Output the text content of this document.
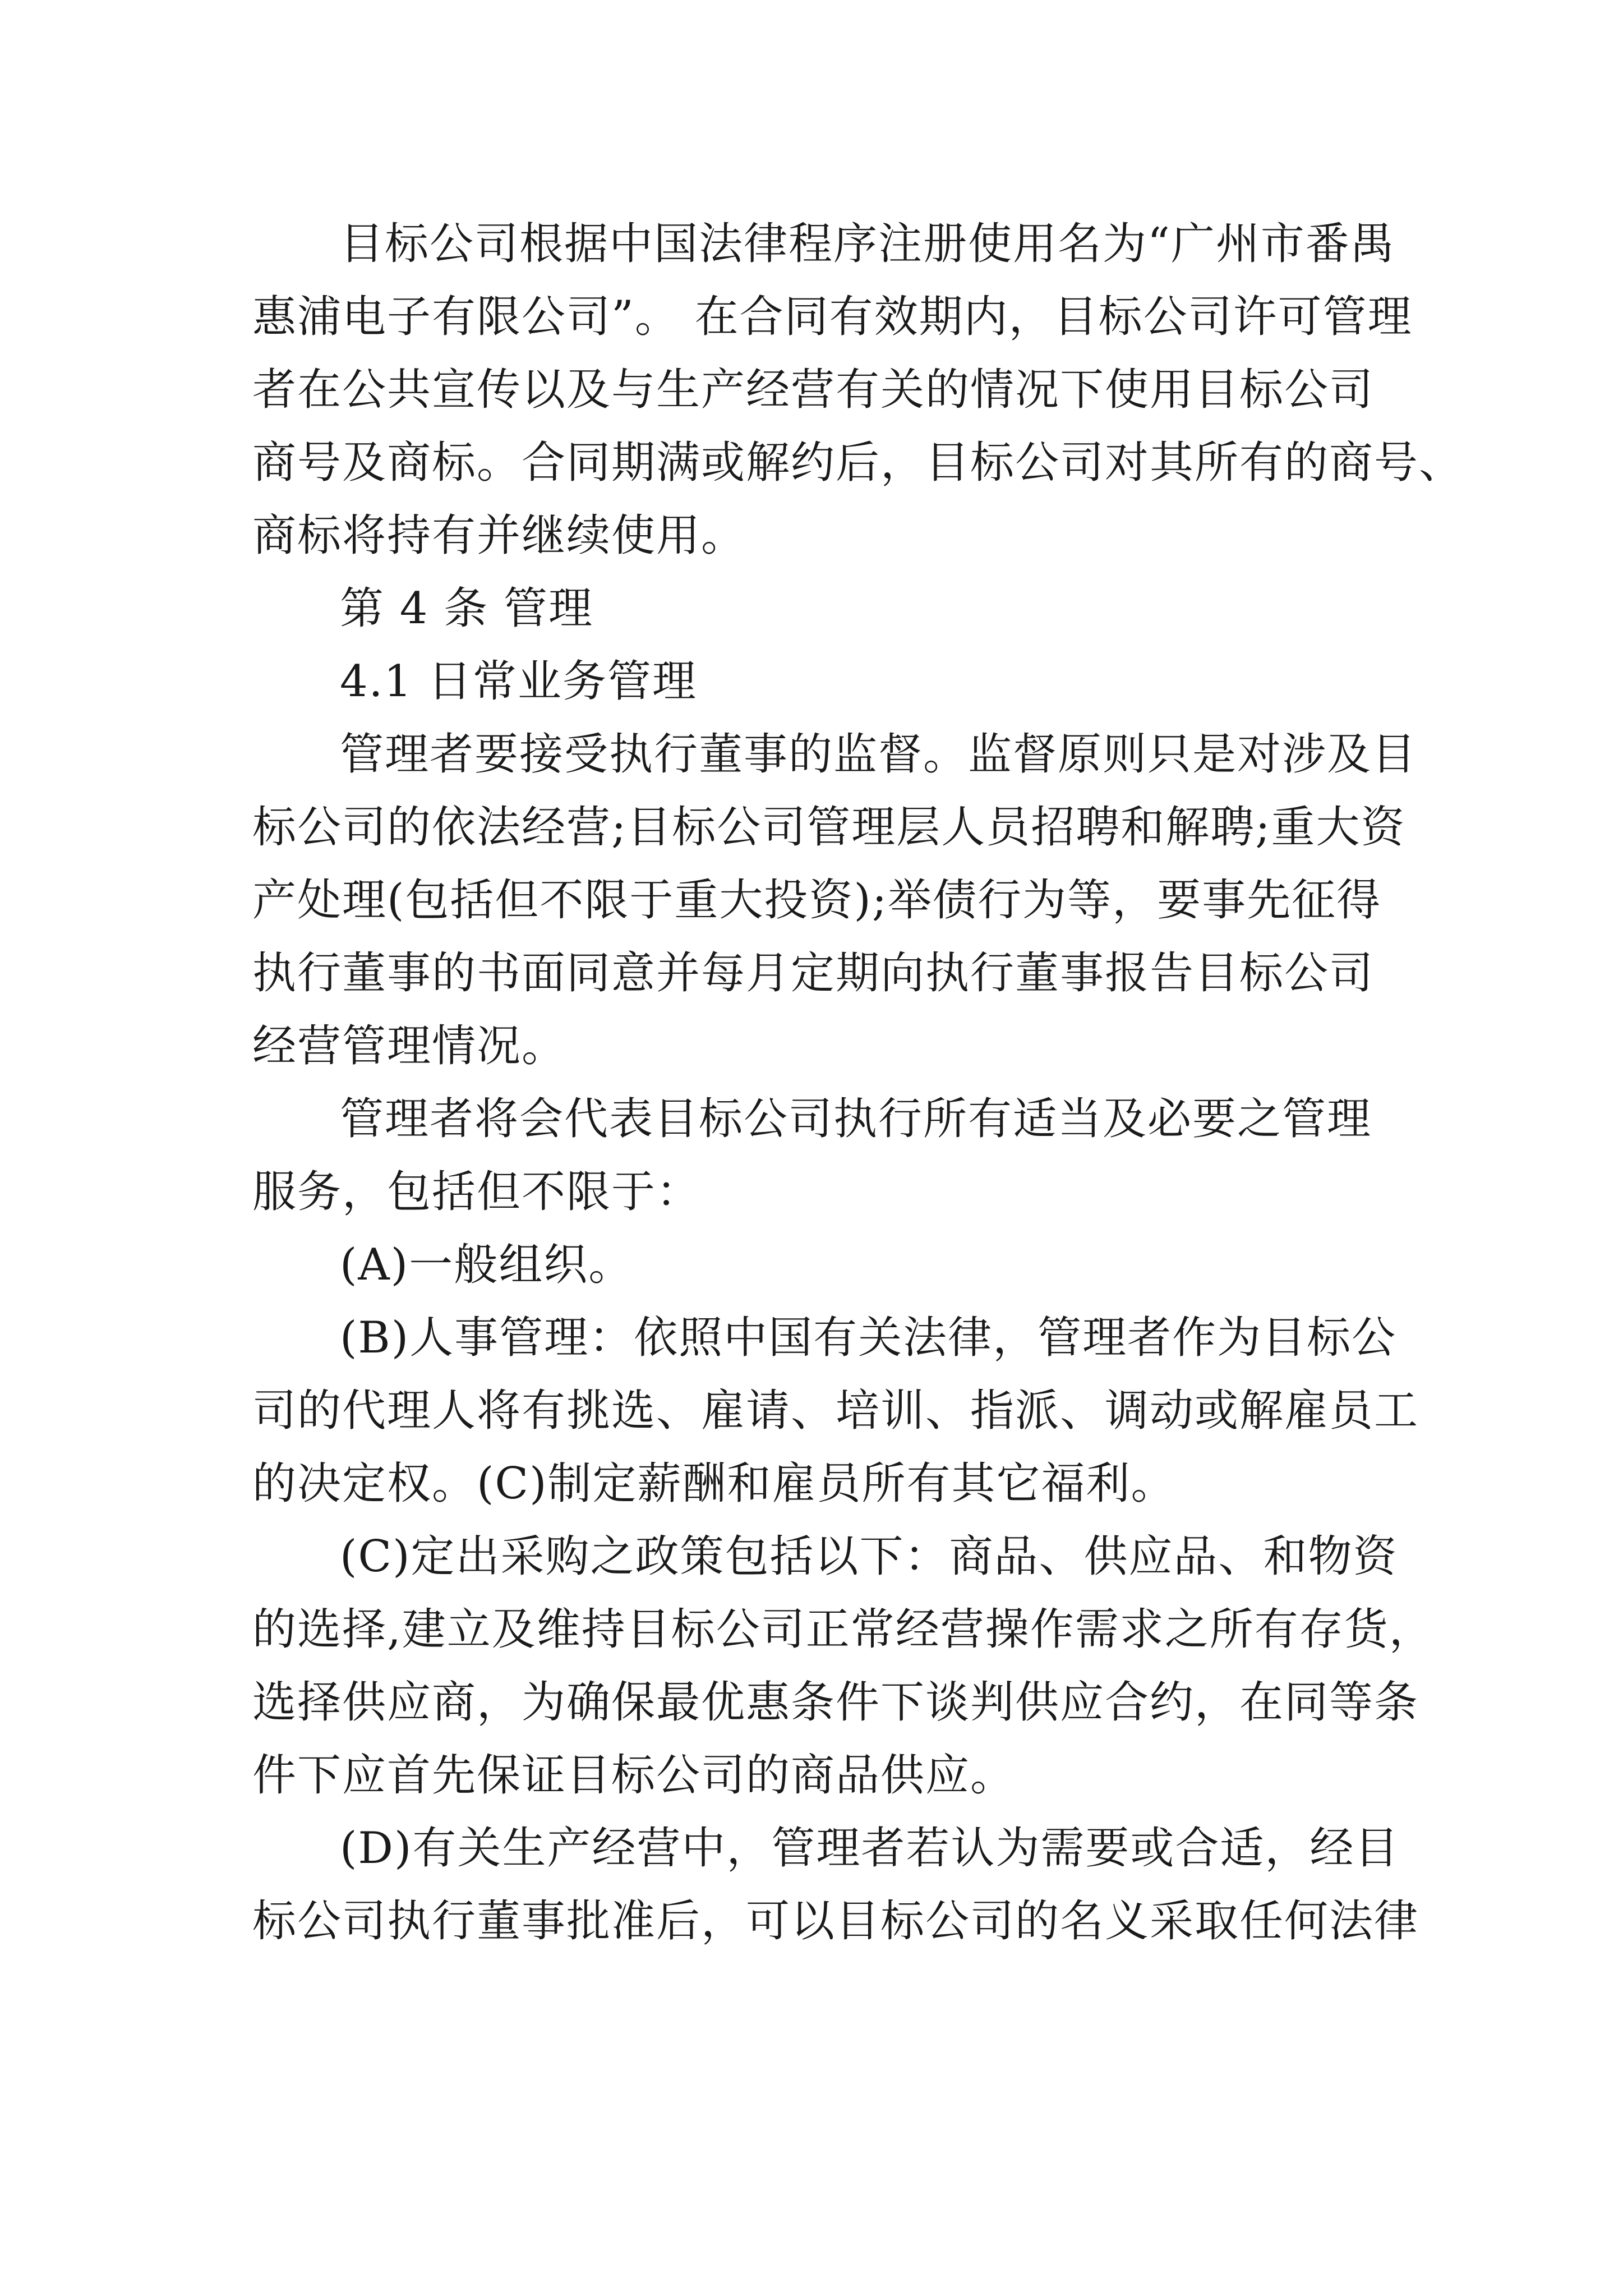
目标公司根据中国法律程序注册使用名为“广州市番禺
惠浦电子有限公司”。 在合同有效期内，目标公司许可管理
者在公共宣传以及与生产经营有关的情况下使用目标公司
商号及商标。合同期满或解约后，目标公司对其所有的商号、
商标将持有并继续使用。
第 4 条 管理
4.1 日常业务管理
管理者要接受执行董事的监督。监督原则只是对涉及目
标公司的依法经营;目标公司管理层人员招聘和解聘;重大资
产处理(包括但不限于重大投资);举债行为等，要事先征得
执行董事的书面同意并每月定期向执行董事报告目标公司
经营管理情况。
管理者将会代表目标公司执行所有适当及必要之管理
服务，包括但不限于：
(A)一般组织。
(B)人事管理：依照中国有关法律，管理者作为目标公
司的代理人将有挑选、雇请、培训、指派、调动或解雇员工
的决定权。(C)制定薪酬和雇员所有其它福利。
(C)定出采购之政策包括以下：商品、供应品、和物资
的选择,建立及维持目标公司正常经营操作需求之所有存货，
选择供应商，为确保最优惠条件下谈判供应合约，在同等条
件下应首先保证目标公司的商品供应。
(D)有关生产经营中，管理者若认为需要或合适，经目
标公司执行董事批准后，可以目标公司的名义采取任何法律
